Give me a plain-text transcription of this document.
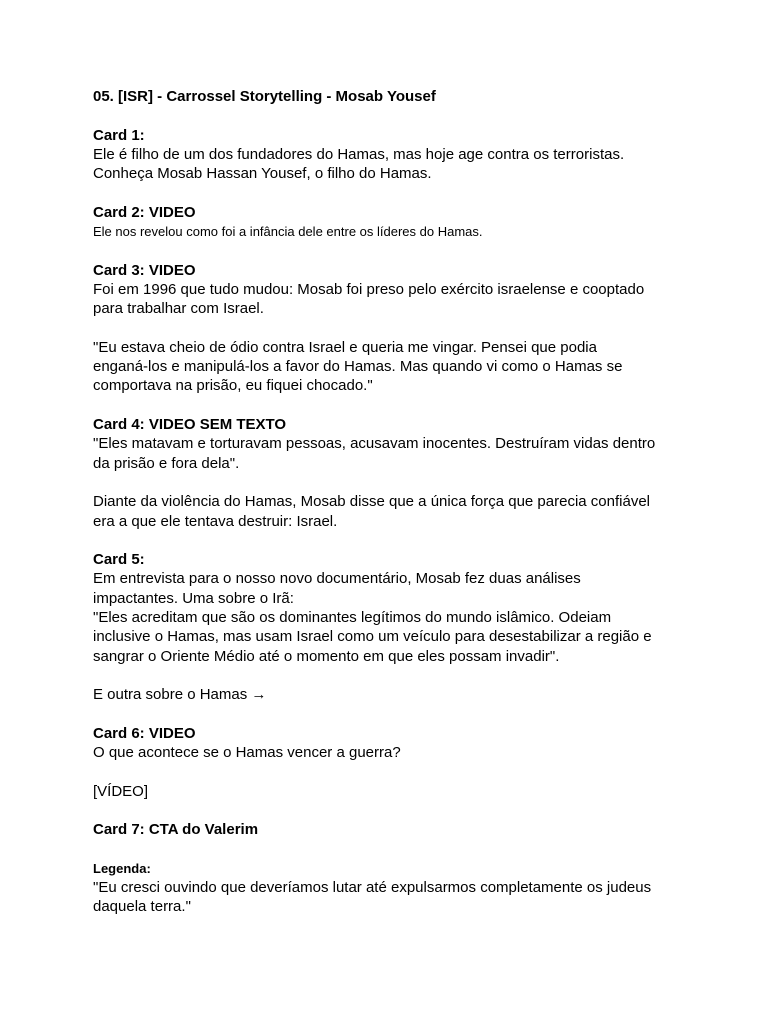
05. [ISR] - Carrossel Storytelling - Mosab Yousef
Card 1:
Ele é filho de um dos fundadores do Hamas, mas hoje age contra os terroristas.
Conheça Mosab Hassan Yousef, o filho do Hamas.
Card 2: VIDEO
Ele nos revelou como foi a infância dele entre os líderes do Hamas.
Card 3: VIDEO
Foi em 1996 que tudo mudou: Mosab foi preso pelo exército israelense e cooptado
para trabalhar com Israel.
"Eu estava cheio de ódio contra Israel e queria me vingar. Pensei que podia
enganá-los e manipulá-los a favor do Hamas. Mas quando vi como o Hamas se
comportava na prisão, eu fiquei chocado."
Card 4: VIDEO SEM TEXTO
"Eles matavam e torturavam pessoas, acusavam inocentes. Destruíram vidas dentro
da prisão e fora dela".
Diante da violência do Hamas, Mosab disse que a única força que parecia confiável
era a que ele tentava destruir: Israel.
Card 5:
Em entrevista para o nosso novo documentário, Mosab fez duas análises
impactantes. Uma sobre o Irã:
"Eles acreditam que são os dominantes legítimos do mundo islâmico. Odeiam
inclusive o Hamas, mas usam Israel como um veículo para desestabilizar a região e
sangrar o Oriente Médio até o momento em que eles possam invadir".
E outra sobre o Hamas →
Card 6: VIDEO
O que acontece se o Hamas vencer a guerra?
[VÍDEO]
Card 7: CTA do Valerim
Legenda:
"Eu cresci ouvindo que deveríamos lutar até expulsarmos completamente os judeus
daquela terra."
